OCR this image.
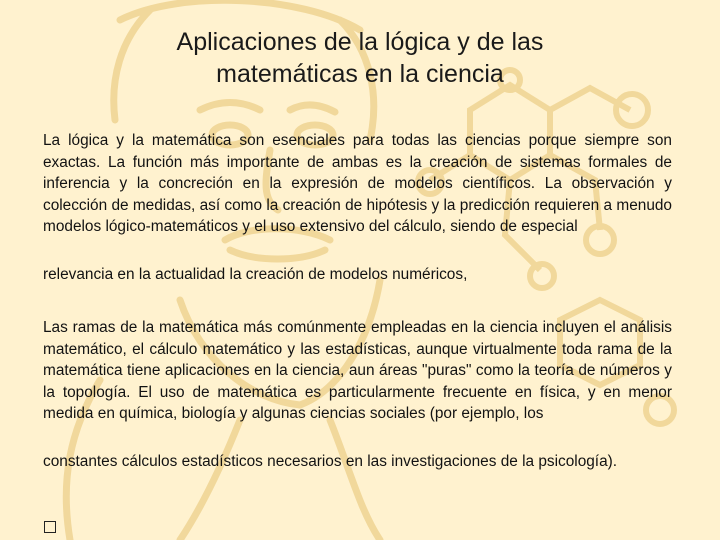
Aplicaciones de la lógica y de las
matemáticas en la ciencia

La lógica y la matemática son esenciales para todas las ciencias porque siempre son exactas. La función más importante de ambas es la creación de sistemas formales de inferencia y la concreción en la expresión de modelos científicos. La observación y colección de medidas, así como la creación de hipótesis y la predicción requieren a menudo modelos lógico-matemáticos y el uso extensivo del cálculo, siendo de especial

relevancia en la actualidad la creación de modelos numéricos,

Las ramas de la matemática más comúnmente empleadas en la ciencia incluyen el análisis matemático, el cálculo matemático y las estadísticas, aunque virtualmente toda rama de la matemática tiene aplicaciones en la ciencia, aun áreas "puras" como la teoría de números y la topología. El uso de matemática es particularmente frecuente en física, y en menor medida en química, biología y algunas ciencias sociales (por ejemplo, los

constantes cálculos estadísticos necesarios en las investigaciones de la psicología).
